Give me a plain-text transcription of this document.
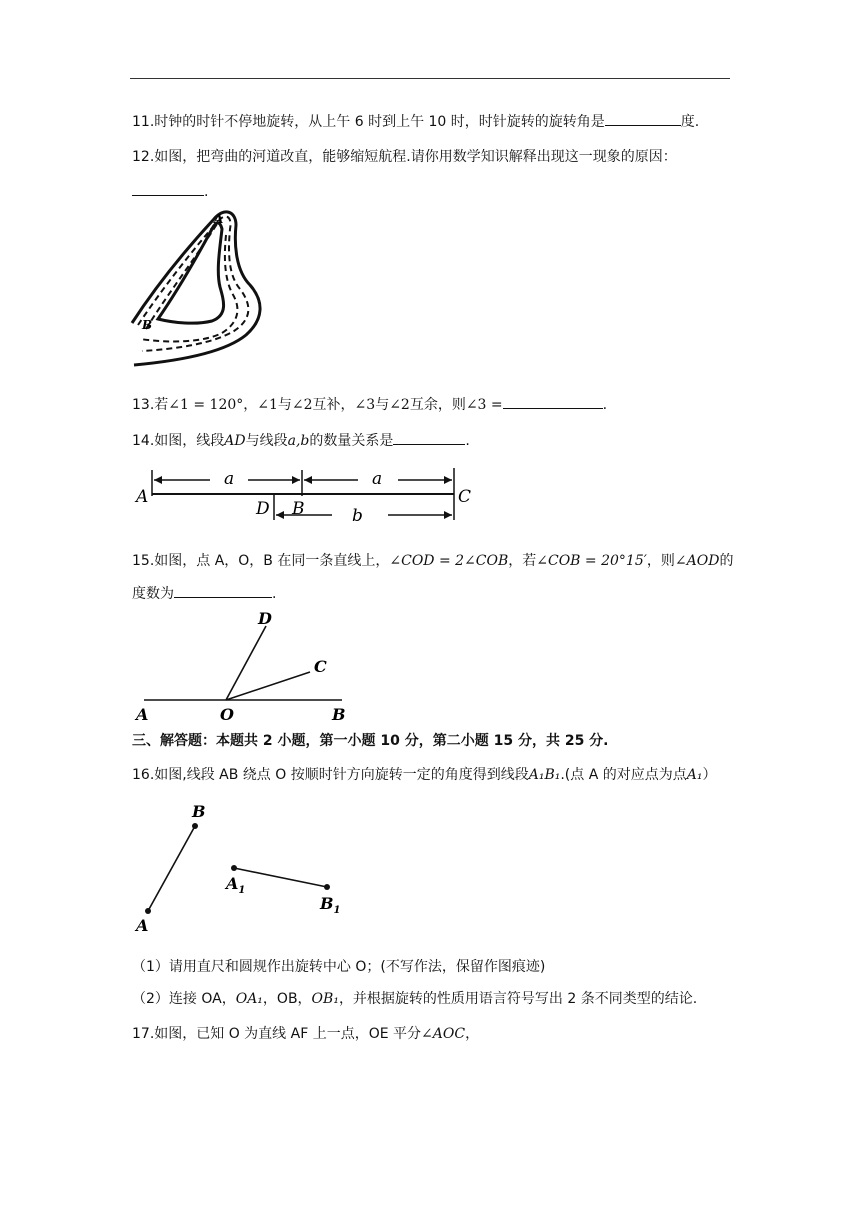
11.时钟的时针不停地旋转，从上午 6 时到上午 10 时，时针旋转的旋转角是	度.
12.如图，把弯曲的河道改直，能够缩短航程.请你用数学知识解释出现这一现象的原因：
.
A
B
13.若∠1 = 120°，∠1与∠2互补，∠3与∠2互余，则∠3 =	.
14.如图，线段AD与线段a,b的数量关系是	.
a	a
b
A
D B
C
15.如图，点 A，O，B 在同一条直线上，∠COD = 2∠COB，若∠COB = 20°15′，则∠AOD的
度数为	.
A	O	B
C
D
三、解答题：本题共 2 小题，第一小题 10 分，第二小题 15 分，共 25 分.
16.如图,线段 AB 绕点 O 按顺时针方向旋转一定的角度得到线段A₁B₁.(点 A 的对应点为点A₁）
A
B
$A_1$
$B_1$
（1）请用直尺和圆规作出旋转中心 O；(不写作法，保留作图痕迹)
（2）连接 OA，OA₁，OB，OB₁，并根据旋转的性质用语言符号写出 2 条不同类型的结论.
17.如图，已知 O 为直线 AF 上一点，OE 平分∠AOC，
